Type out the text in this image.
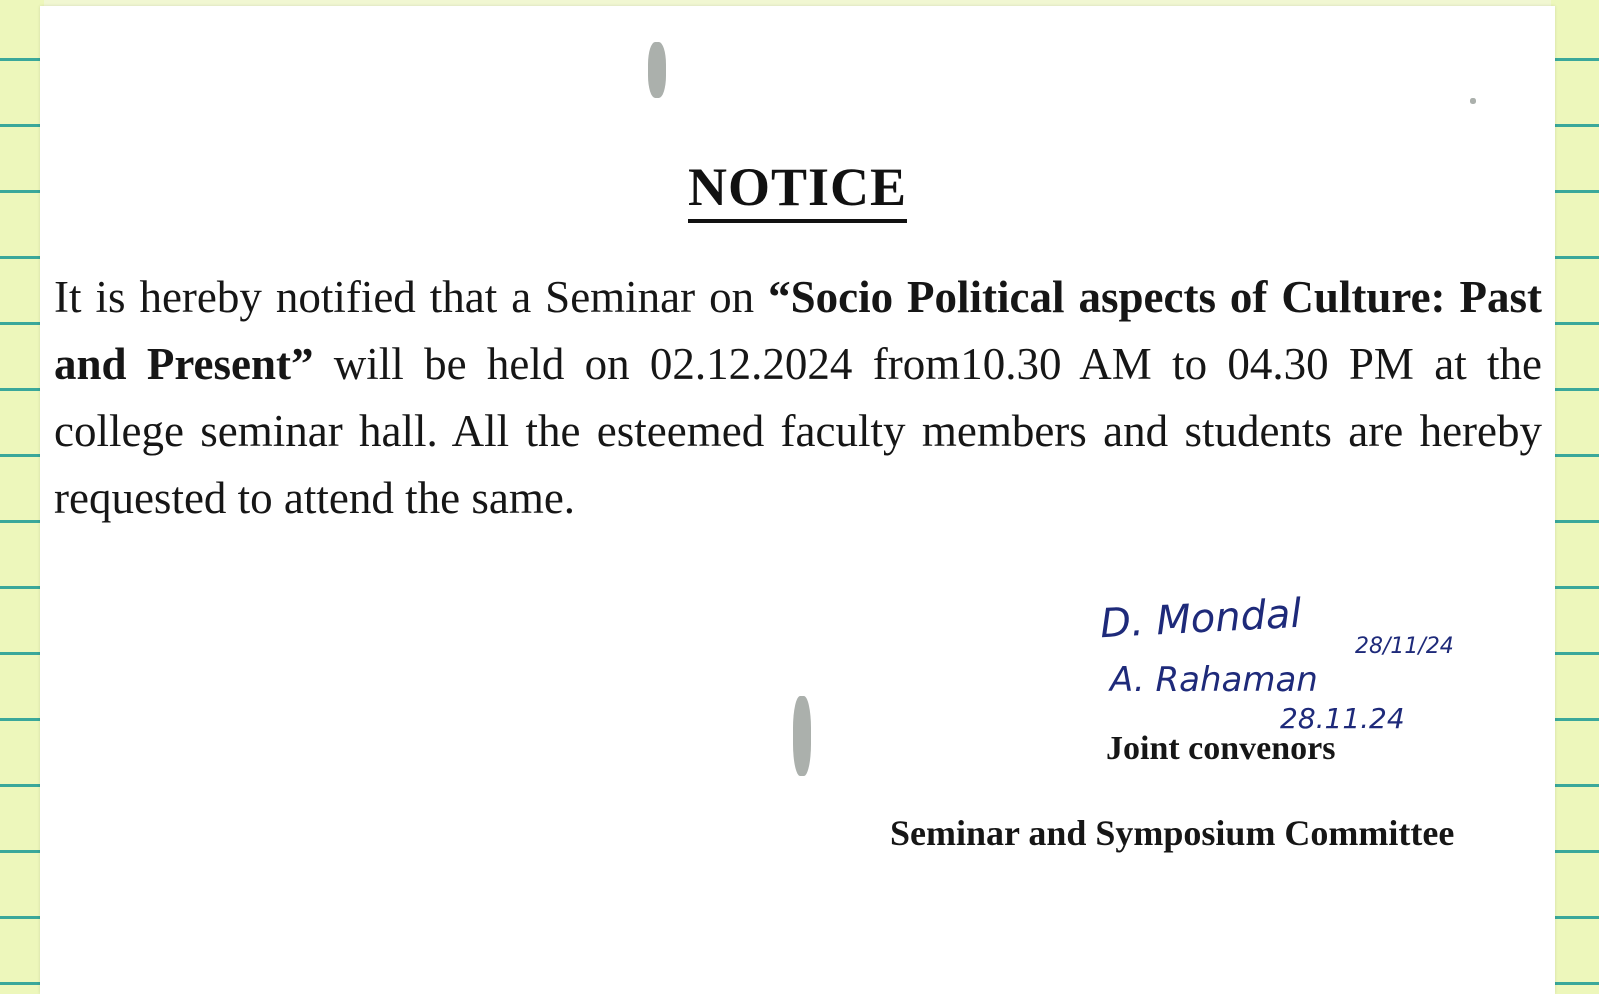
NOTICE
It is hereby notified that a Seminar on “Socio Political aspects of Culture: Past and Present” will be held on 02.12.2024 from10.30 AM to 04.30 PM at the college seminar hall. All the esteemed faculty members and students are hereby requested to attend the same.
D. Mondal 28/11/24
A. Rahaman
28.11.24
Joint convenors
Seminar and Symposium Committee
